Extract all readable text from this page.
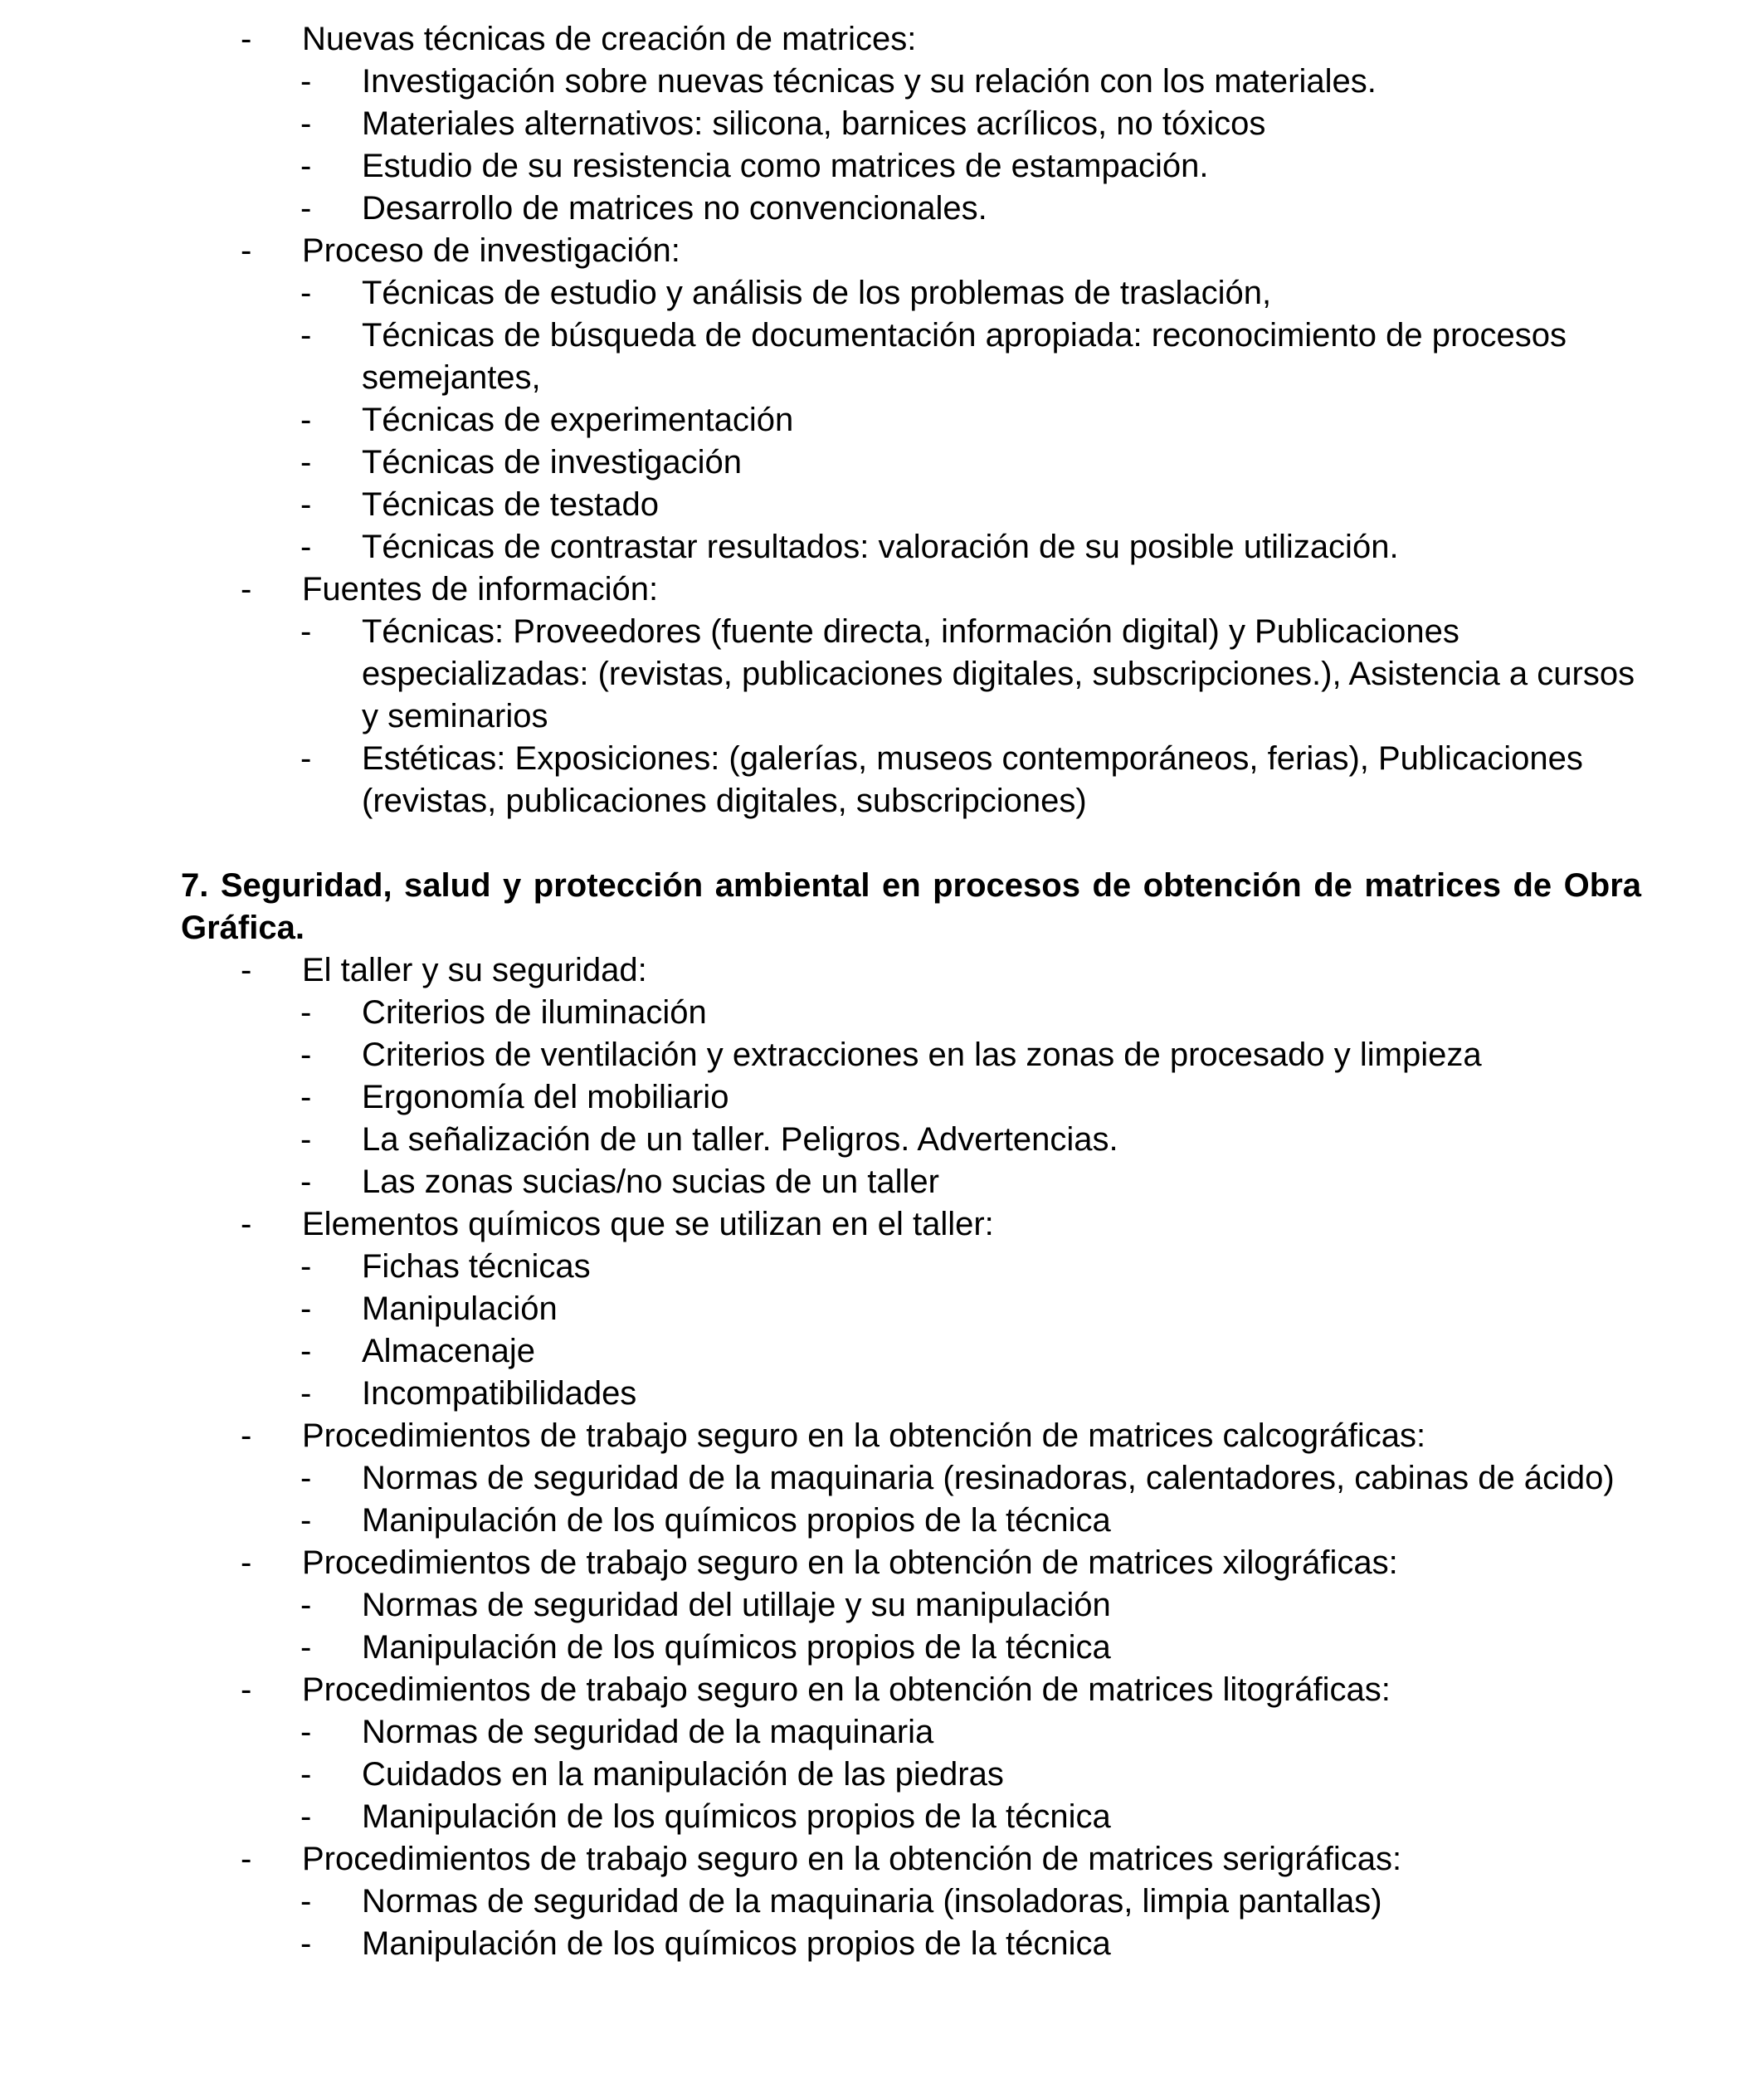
- Nuevas técnicas de creación de matrices:
- Investigación sobre nuevas técnicas y su relación con los materiales.
- Materiales alternativos: silicona, barnices acrílicos, no tóxicos
- Estudio de su resistencia como matrices de estampación.
- Desarrollo de matrices no convencionales.
- Proceso de investigación:
- Técnicas de estudio y análisis de los problemas de traslación,
- Técnicas de búsqueda de documentación apropiada: reconocimiento de procesos semejantes,
- Técnicas de experimentación
- Técnicas de investigación
- Técnicas de testado
- Técnicas de contrastar resultados: valoración de su posible utilización.
- Fuentes de información:
- Técnicas: Proveedores (fuente directa, información digital) y Publicaciones especializadas: (revistas, publicaciones digitales, subscripciones.), Asistencia a cursos y seminarios
- Estéticas: Exposiciones: (galerías, museos contemporáneos, ferias), Publicaciones (revistas, publicaciones digitales, subscripciones)

7. Seguridad, salud y protección ambiental en procesos de obtención de matrices de Obra Gráfica.

- El taller y su seguridad:
- Criterios de iluminación
- Criterios de ventilación y extracciones en las zonas de procesado y limpieza
- Ergonomía del mobiliario
- La señalización de un taller. Peligros. Advertencias.
- Las zonas sucias/no sucias de un taller
- Elementos químicos que se utilizan en el taller:
- Fichas técnicas
- Manipulación
- Almacenaje
- Incompatibilidades
- Procedimientos de trabajo seguro en la obtención de matrices calcográficas:
- Normas de seguridad de la maquinaria (resinadoras, calentadores, cabinas de ácido)
- Manipulación de los químicos propios de la técnica
- Procedimientos de trabajo seguro en la obtención de matrices xilográficas:
- Normas de seguridad del utillaje y su manipulación
- Manipulación de los químicos propios de la técnica
- Procedimientos de trabajo seguro en la obtención de matrices litográficas:
- Normas de seguridad de la maquinaria
- Cuidados en la manipulación de las piedras
- Manipulación de los químicos propios de la técnica
- Procedimientos de trabajo seguro en la obtención de matrices serigráficas:
- Normas de seguridad de la maquinaria (insoladoras, limpia pantallas)
- Manipulación de los químicos propios de la técnica
